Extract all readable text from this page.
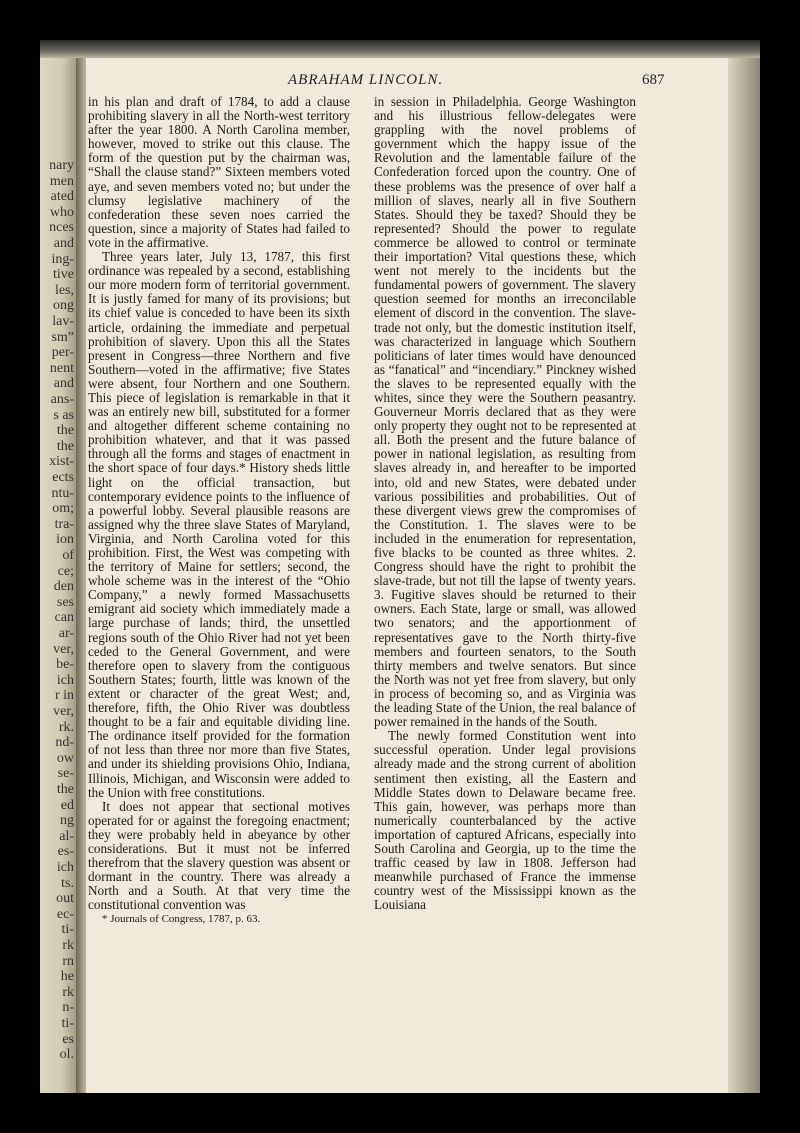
nary
men
ated
who
nces
and
ing-
tive
les,
ong
lav-
sm”
per-
nent
and
ans-
s as
the
the
xist-
ects
ntu-
om;
tra-
ion
of
ce;
den
ses
can
ar-
ver,
be-
ich
r in
ver,
rk.
nd-
ow
se-
the
ed
ng
al-
es-
ich
ts.
out
ec-
ti-
rk
rn
he
rk
n-
ti-
es
ol.
ABRAHAM LINCOLN.	687

in his plan and draft of 1784, to add a clause prohibiting slavery in all the North-west territory after the year 1800. A North Carolina member, however, moved to strike out this clause. The form of the question put by the chairman was, “Shall the clause stand?” Sixteen members voted aye, and seven members voted no; but under the clumsy legislative machinery of the confederation these seven noes carried the question, since a majority of States had failed to vote in the affirmative.

Three years later, July 13, 1787, this first ordinance was repealed by a second, establishing our more modern form of territorial government. It is justly famed for many of its provisions; but its chief value is conceded to have been its sixth article, ordaining the immediate and perpetual prohibition of slavery. Upon this all the States present in Congress—three Northern and five Southern—voted in the affirmative; five States were absent, four Northern and one Southern. This piece of legislation is remarkable in that it was an entirely new bill, substituted for a former and altogether different scheme containing no prohibition whatever, and that it was passed through all the forms and stages of enactment in the short space of four days.* History sheds little light on the official transaction, but contemporary evidence points to the influence of a powerful lobby. Several plausible reasons are assigned why the three slave States of Maryland, Virginia, and North Carolina voted for this prohibition. First, the West was competing with the territory of Maine for settlers; second, the whole scheme was in the interest of the “Ohio Company,” a newly formed Massachusetts emigrant aid society which immediately made a large purchase of lands; third, the unsettled regions south of the Ohio River had not yet been ceded to the General Government, and were therefore open to slavery from the contiguous Southern States; fourth, little was known of the extent or character of the great West; and, therefore, fifth, the Ohio River was doubtless thought to be a fair and equitable dividing line. The ordinance itself provided for the formation of not less than three nor more than five States, and under its shielding provisions Ohio, Indiana, Illinois, Michigan, and Wisconsin were added to the Union with free constitutions.

It does not appear that sectional motives operated for or against the foregoing enactment; they were probably held in abeyance by other considerations. But it must not be inferred therefrom that the slavery question was absent or dormant in the country. There was already a North and a South. At that very time the constitutional convention was

* Journals of Congress, 1787, p. 63.

in session in Philadelphia. George Washington and his illustrious fellow-delegates were grappling with the novel problems of government which the happy issue of the Revolution and the lamentable failure of the Confederation forced upon the country. One of these problems was the presence of over half a million of slaves, nearly all in five Southern States. Should they be taxed? Should they be represented? Should the power to regulate commerce be allowed to control or terminate their importation? Vital questions these, which went not merely to the incidents but the fundamental powers of government. The slavery question seemed for months an irreconcilable element of discord in the convention. The slave-trade not only, but the domestic institution itself, was characterized in language which Southern politicians of later times would have denounced as “fanatical” and “incendiary.” Pinckney wished the slaves to be represented equally with the whites, since they were the Southern peasantry. Gouverneur Morris declared that as they were only property they ought not to be represented at all. Both the present and the future balance of power in national legislation, as resulting from slaves already in, and hereafter to be imported into, old and new States, were debated under various possibilities and probabilities. Out of these divergent views grew the compromises of the Constitution. 1. The slaves were to be included in the enumeration for representation, five blacks to be counted as three whites. 2. Congress should have the right to prohibit the slave-trade, but not till the lapse of twenty years. 3. Fugitive slaves should be returned to their owners. Each State, large or small, was allowed two senators; and the apportionment of representatives gave to the North thirty-five members and fourteen senators, to the South thirty members and twelve senators. But since the North was not yet free from slavery, but only in process of becoming so, and as Virginia was the leading State of the Union, the real balance of power remained in the hands of the South.

The newly formed Constitution went into successful operation. Under legal provisions already made and the strong current of abolition sentiment then existing, all the Eastern and Middle States down to Delaware became free. This gain, however, was perhaps more than numerically counterbalanced by the active importation of captured Africans, especially into South Carolina and Georgia, up to the time the traffic ceased by law in 1808. Jefferson had meanwhile purchased of France the immense country west of the Mississippi known as the Louisiana
